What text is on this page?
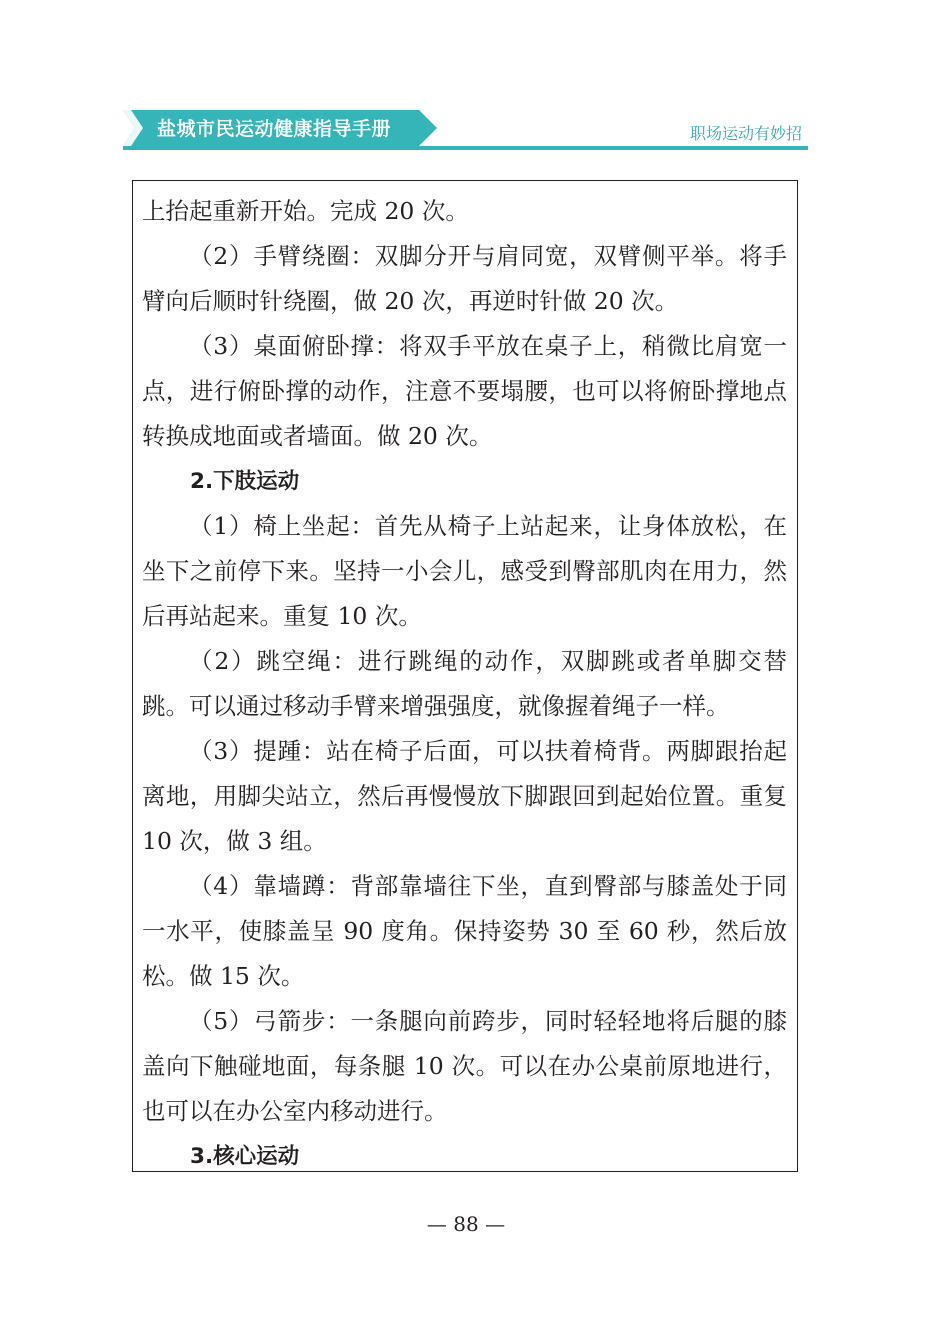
盐城市民运动健康指导手册	职场运动有妙招

上抬起重新开始。完成 20 次。

（2）手臂绕圈：双脚分开与肩同宽，双臂侧平举。将手臂向后顺时针绕圈，做 20 次，再逆时针做 20 次。

（3）桌面俯卧撑：将双手平放在桌子上，稍微比肩宽一点，进行俯卧撑的动作，注意不要塌腰，也可以将俯卧撑地点转换成地面或者墙面。做 20 次。

2.下肢运动

（1）椅上坐起：首先从椅子上站起来，让身体放松，在坐下之前停下来。坚持一小会儿，感受到臀部肌肉在用力，然后再站起来。重复 10 次。

（2）跳空绳：进行跳绳的动作，双脚跳或者单脚交替跳。可以通过移动手臂来增强强度，就像握着绳子一样。

（3）提踵：站在椅子后面，可以扶着椅背。两脚跟抬起离地，用脚尖站立，然后再慢慢放下脚跟回到起始位置。重复 10 次，做 3 组。

（4）靠墙蹲：背部靠墙往下坐，直到臀部与膝盖处于同一水平，使膝盖呈 90 度角。保持姿势 30 至 60 秒，然后放松。做 15 次。

（5）弓箭步：一条腿向前跨步，同时轻轻地将后腿的膝盖向下触碰地面，每条腿 10 次。可以在办公桌前原地进行，也可以在办公室内移动进行。

3.核心运动

— 88 —
